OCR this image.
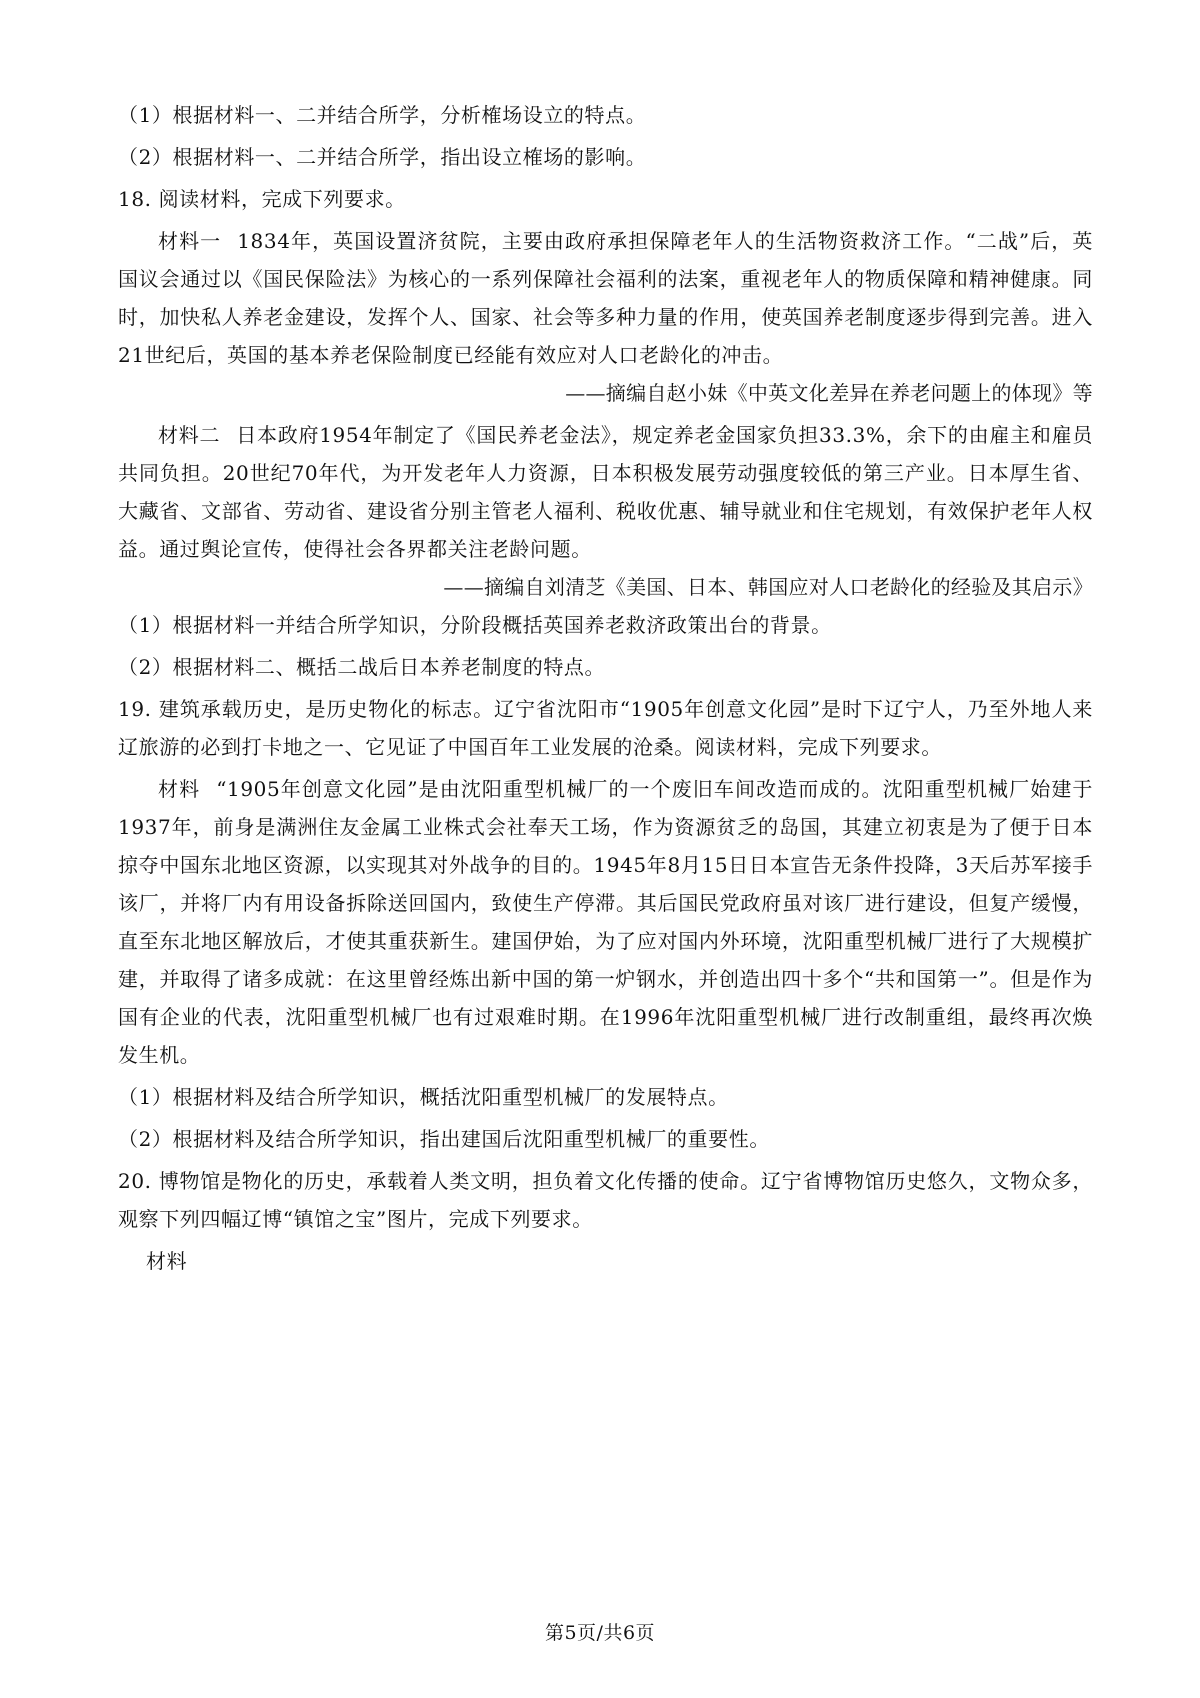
（1）根据材料一、二并结合所学，分析榷场设立的特点。
（2）根据材料一、二并结合所学，指出设立榷场的影响。
18. 阅读材料，完成下列要求。

材料一 1834年，英国设置济贫院，主要由政府承担保障老年人的生活物资救济工作。“二战”后，英国议会通过以《国民保险法》为核心的一系列保障社会福利的法案，重视老年人的物质保障和精神健康。同时，加快私人养老金建设，发挥个人、国家、社会等多种力量的作用，使英国养老制度逐步得到完善。进入21世纪后，英国的基本养老保险制度已经能有效应对人口老龄化的冲击。

——摘编自赵小妹《中英文化差异在养老问题上的体现》等

材料二 日本政府1954年制定了《国民养老金法》，规定养老金国家负担33.3%，余下的由雇主和雇员共同负担。20世纪70年代，为开发老年人力资源，日本积极发展劳动强度较低的第三产业。日本厚生省、大藏省、文部省、劳动省、建设省分别主管老人福利、税收优惠、辅导就业和住宅规划，有效保护老年人权益。通过舆论宣传，使得社会各界都关注老龄问题。

——摘编自刘清芝《美国、日本、韩国应对人口老龄化的经验及其启示》
（1）根据材料一并结合所学知识，分阶段概括英国养老救济政策出台的背景。
（2）根据材料二、概括二战后日本养老制度的特点。

19. 建筑承载历史，是历史物化的标志。辽宁省沈阳市“1905年创意文化园”是时下辽宁人，乃至外地人来辽旅游的必到打卡地之一、它见证了中国百年工业发展的沧桑。阅读材料，完成下列要求。

材料 “1905年创意文化园”是由沈阳重型机械厂的一个废旧车间改造而成的。沈阳重型机械厂始建于1937年，前身是满洲住友金属工业株式会社奉天工场，作为资源贫乏的岛国，其建立初衷是为了便于日本掠夺中国东北地区资源，以实现其对外战争的目的。1945年8月15日日本宣告无条件投降，3天后苏军接手该厂，并将厂内有用设备拆除送回国内，致使生产停滞。其后国民党政府虽对该厂进行建设，但复产缓慢，直至东北地区解放后，才使其重获新生。建国伊始，为了应对国内外环境，沈阳重型机械厂进行了大规模扩建，并取得了诸多成就：在这里曾经炼出新中国的第一炉钢水，并创造出四十多个“共和国第一”。但是作为国有企业的代表，沈阳重型机械厂也有过艰难时期。在1996年沈阳重型机械厂进行改制重组，最终再次焕发生机。

（1）根据材料及结合所学知识，概括沈阳重型机械厂的发展特点。
（2）根据材料及结合所学知识，指出建国后沈阳重型机械厂的重要性。

20. 博物馆是物化的历史，承载着人类文明，担负着文化传播的使命。辽宁省博物馆历史悠久，文物众多，观察下列四幅辽博“镇馆之宝”图片，完成下列要求。

材料
第5页/共6页
